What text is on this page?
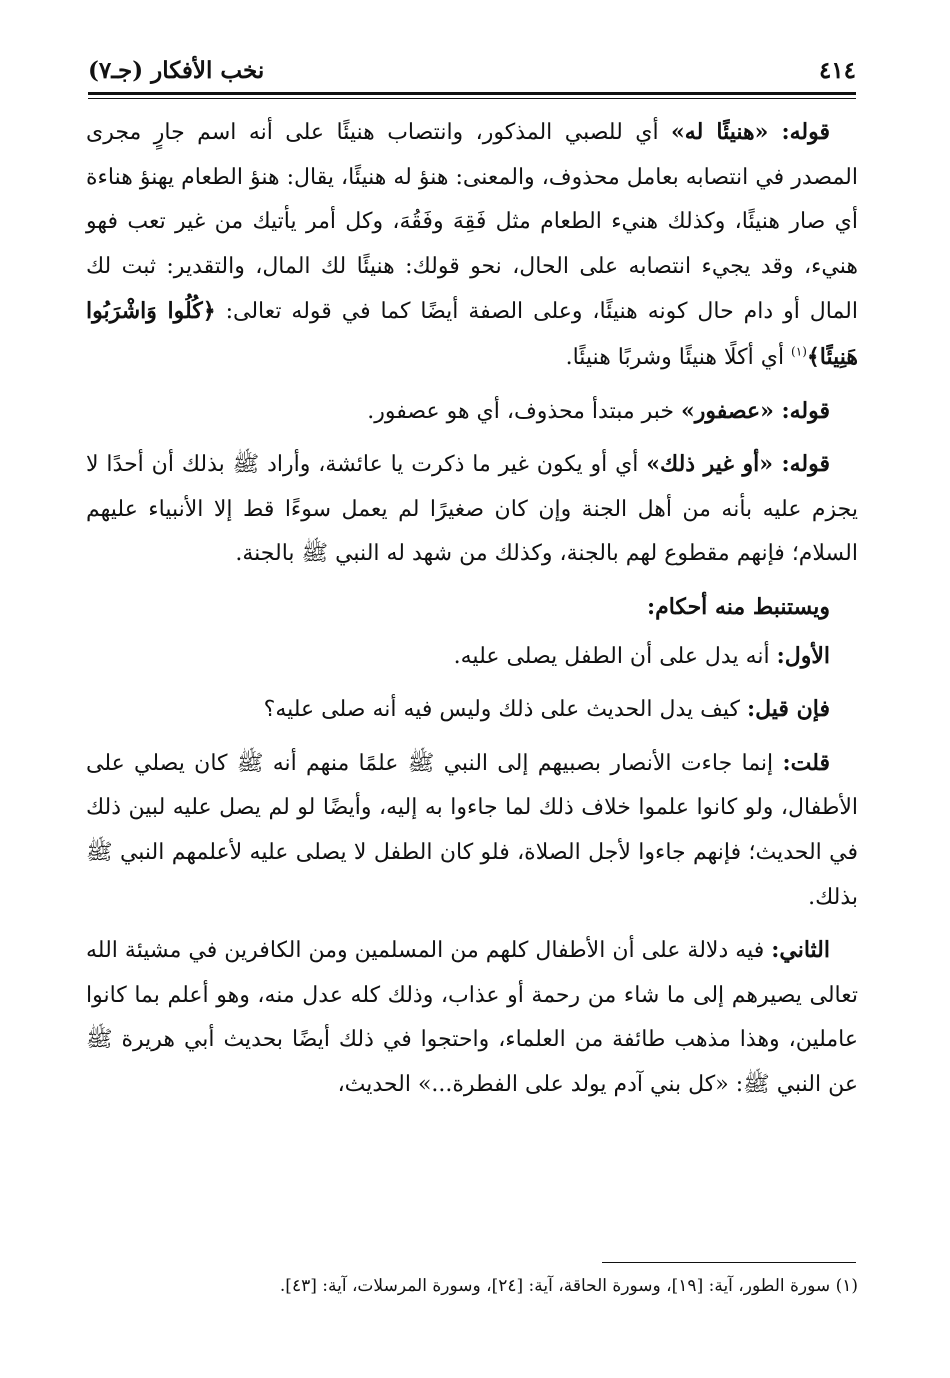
٤١٤
نخب الأفكار (جـ٧)

قوله: «هنيئًا له» أي للصبي المذكور، وانتصاب هنيئًا على أنه اسم جارٍ مجرى المصدر في انتصابه بعامل محذوف، والمعنى: هنؤ له هنيئًا، يقال: هنؤ الطعام يهنؤ هناءة أي صار هنيئًا، وكذلك هنيء الطعام مثل فَقِهَ وفَقُهَ، وكل أمر يأتيك من غير تعب فهو هنيء، وقد يجيء انتصابه على الحال، نحو قولك: هنيئًا لك المال، والتقدير: ثبت لك المال أو دام حال كونه هنيئًا، وعلى الصفة أيضًا كما في قوله تعالى: ﴿كُلُوا وَاشْرَبُوا هَنِيئًا﴾$^{(١)}$ أي أكلًا هنيئًا وشربًا هنيئًا.

قوله: «عصفور» خبر مبتدأ محذوف، أي هو عصفور.

قوله: «أو غير ذلك» أي أو يكون غير ما ذكرت يا عائشة، وأراد ﷺ بذلك أن أحدًا لا يجزم عليه بأنه من أهل الجنة وإن كان صغيرًا لم يعمل سوءًا قط إلا الأنبياء عليهم السلام؛ فإنهم مقطوع لهم بالجنة، وكذلك من شهد له النبي ﷺ بالجنة.

ويستنبط منه أحكام:

الأول: أنه يدل على أن الطفل يصلى عليه.

فإن قيل: كيف يدل الحديث على ذلك وليس فيه أنه صلى عليه؟

قلت: إنما جاءت الأنصار بصبيهم إلى النبي ﷺ علمًا منهم أنه ﷺ كان يصلي على الأطفال، ولو كانوا علموا خلاف ذلك لما جاءوا به إليه، وأيضًا لو لم يصل عليه لبين ذلك في الحديث؛ فإنهم جاءوا لأجل الصلاة، فلو كان الطفل لا يصلى عليه لأعلمهم النبي ﷺ بذلك.

الثاني: فيه دلالة على أن الأطفال كلهم من المسلمين ومن الكافرين في مشيئة الله تعالى يصيرهم إلى ما شاء من رحمة أو عذاب، وذلك كله عدل منه، وهو أعلم بما كانوا عاملين، وهذا مذهب طائفة من العلماء، واحتجوا في ذلك أيضًا بحديث أبي هريرة ﷺ عن النبي ﷺ: «كل بني آدم يولد على الفطرة...» الحديث،

(١) سورة الطور، آية: [١٩]، وسورة الحاقة، آية: [٢٤]، وسورة المرسلات، آية: [٤٣].
